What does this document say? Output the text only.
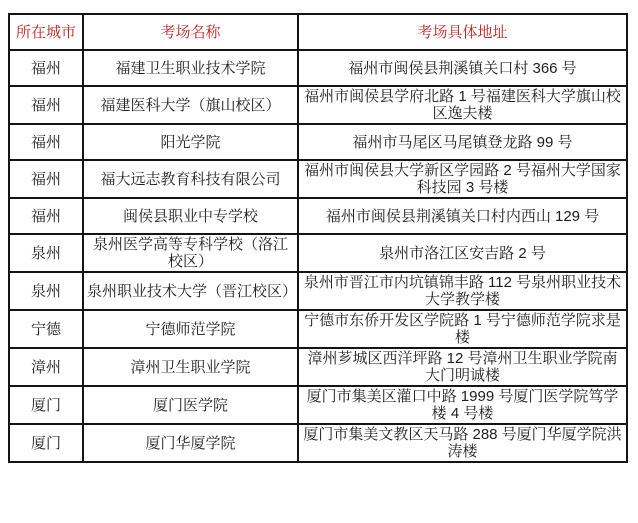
所在城市	考场名称	考场具体地址
福州	福建卫生职业技术学院	福州市闽侯县荆溪镇关口村 366 号
福州	福建医科大学（旗山校区）	福州市闽侯县学府北路 1 号福建医科大学旗山校区逸夫楼
福州	阳光学院	福州市马尾区马尾镇登龙路 99 号
福州	福大远志教育科技有限公司	福州市闽侯县大学新区学园路 2 号福州大学国家科技园 3 号楼
福州	闽侯县职业中专学校	福州市闽侯县荆溪镇关口村内西山 129 号
泉州	泉州医学高等专科学校（洛江校区）	泉州市洛江区安吉路 2 号
泉州	泉州职业技术大学（晋江校区）	泉州市晋江市内坑镇锦丰路 112 号泉州职业技术大学教学楼
宁德	宁德师范学院	宁德市东侨开发区学院路 1 号宁德师范学院求是楼
漳州	漳州卫生职业学院	漳州芗城区西洋坪路 12 号漳州卫生职业学院南大门明诚楼
厦门	厦门医学院	厦门市集美区灌口中路 1999 号厦门医学院笃学楼 4 号楼
厦门	厦门华厦学院	厦门市集美文教区天马路 288 号厦门华厦学院洪涛楼
